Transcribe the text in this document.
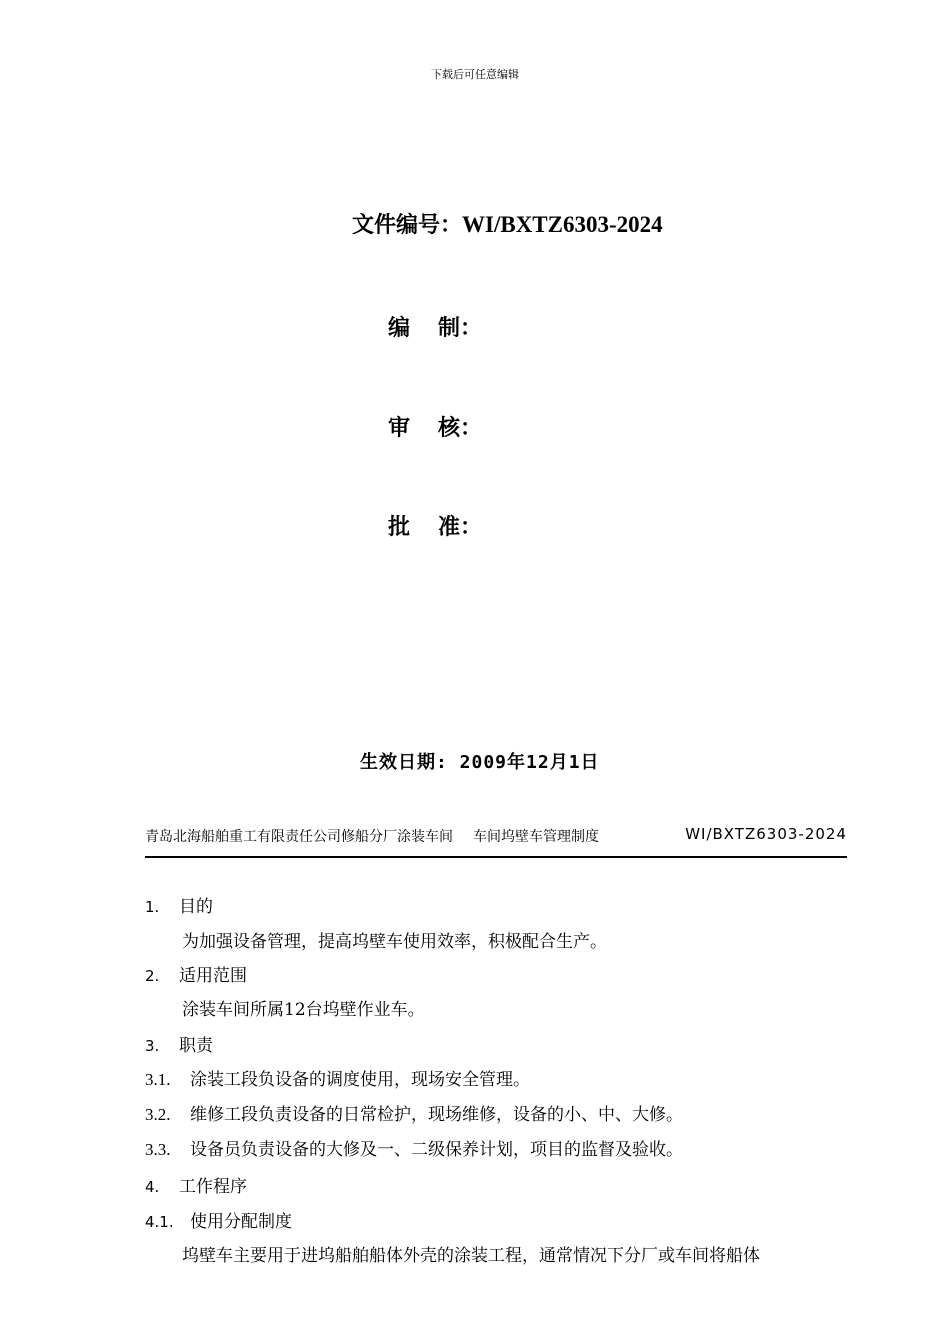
下载后可任意编辑
文件编号：WI/BXTZ6303-2024
编 制：
审 核：
批 准：
生效日期: 2009年12月1日
青岛北海船舶重工有限责任公司修船分厂涂装车间 车间坞壁车管理制度	WI/BXTZ6303-2024
1. 目的
为加强设备管理，提高坞壁车使用效率，积极配合生产。
2. 适用范围
涂装车间所属12台坞壁作业车。
3. 职责
3.1. 涂装工段负设备的调度使用，现场安全管理。
3.2. 维修工段负责设备的日常检护，现场维修，设备的小、中、大修。
3.3. 设备员负责设备的大修及一、二级保养计划，项目的监督及验收。
4. 工作程序
4.1. 使用分配制度
坞壁车主要用于进坞船舶船体外壳的涂装工程，通常情况下分厂或车间将船体
